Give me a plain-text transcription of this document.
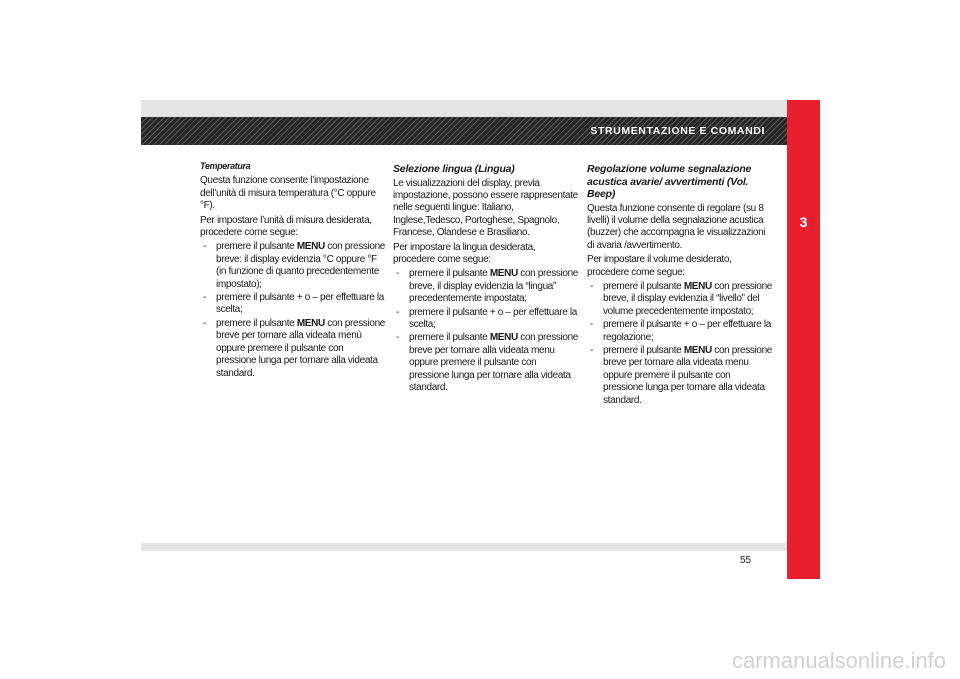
STRUMENTAZIONE E COMANDI
3

Temperatura

Questa funzione consente l’impostazione dell’unità di misura temperatura (°C oppure °F).

Per impostare l’unità di misura desiderata, procedere come segue:

- premere il pulsante MENU con pressione breve: il display evidenzia °C oppure °F (in funzione di quanto precedentemente impostato);
- premere il pulsante + o – per effettuare la scelta;
- premere il pulsante MENU con pressione breve per tornare alla videata menù oppure premere il pulsante con pressione lunga per tornare alla videata standard.

Selezione lingua (Lingua)

Le visualizzazioni del display, previa impostazione, possono essere rappresentate nelle seguenti lingue: Italiano, Inglese,Tedesco, Portoghese, Spagnolo, Francese, Olandese e Brasiliano.

Per impostare la lingua desiderata, procedere come segue:

- premere il pulsante MENU con pressione breve, il display evidenzia la “lingua” precedentemente impostata;
- premere il pulsante + o – per effettuare la scelta;
- premere il pulsante MENU con pressione breve per tornare alla videata menu oppure premere il pulsante con pressione lunga per tornare alla videata standard.

Regolazione volume segnalazione acustica avarie/ avvertimenti (Vol. Beep)

Questa funzione consente di regolare (su 8 livelli) il volume della segnalazione acustica (buzzer) che accompagna le visualizzazioni di avaria /avvertimento.

Per impostare il volume desiderato, procedere come segue:

- premere il pulsante MENU con pressione breve, il display evidenzia il “livello” del volume precedentemente impostato;
- premere il pulsante + o – per effettuare la regolazione;
- premere il pulsante MENU con pressione breve per tornare alla videata menu oppure premere il pulsante con pressione lunga per tornare alla videata standard.
55
carmanualsonline.info
